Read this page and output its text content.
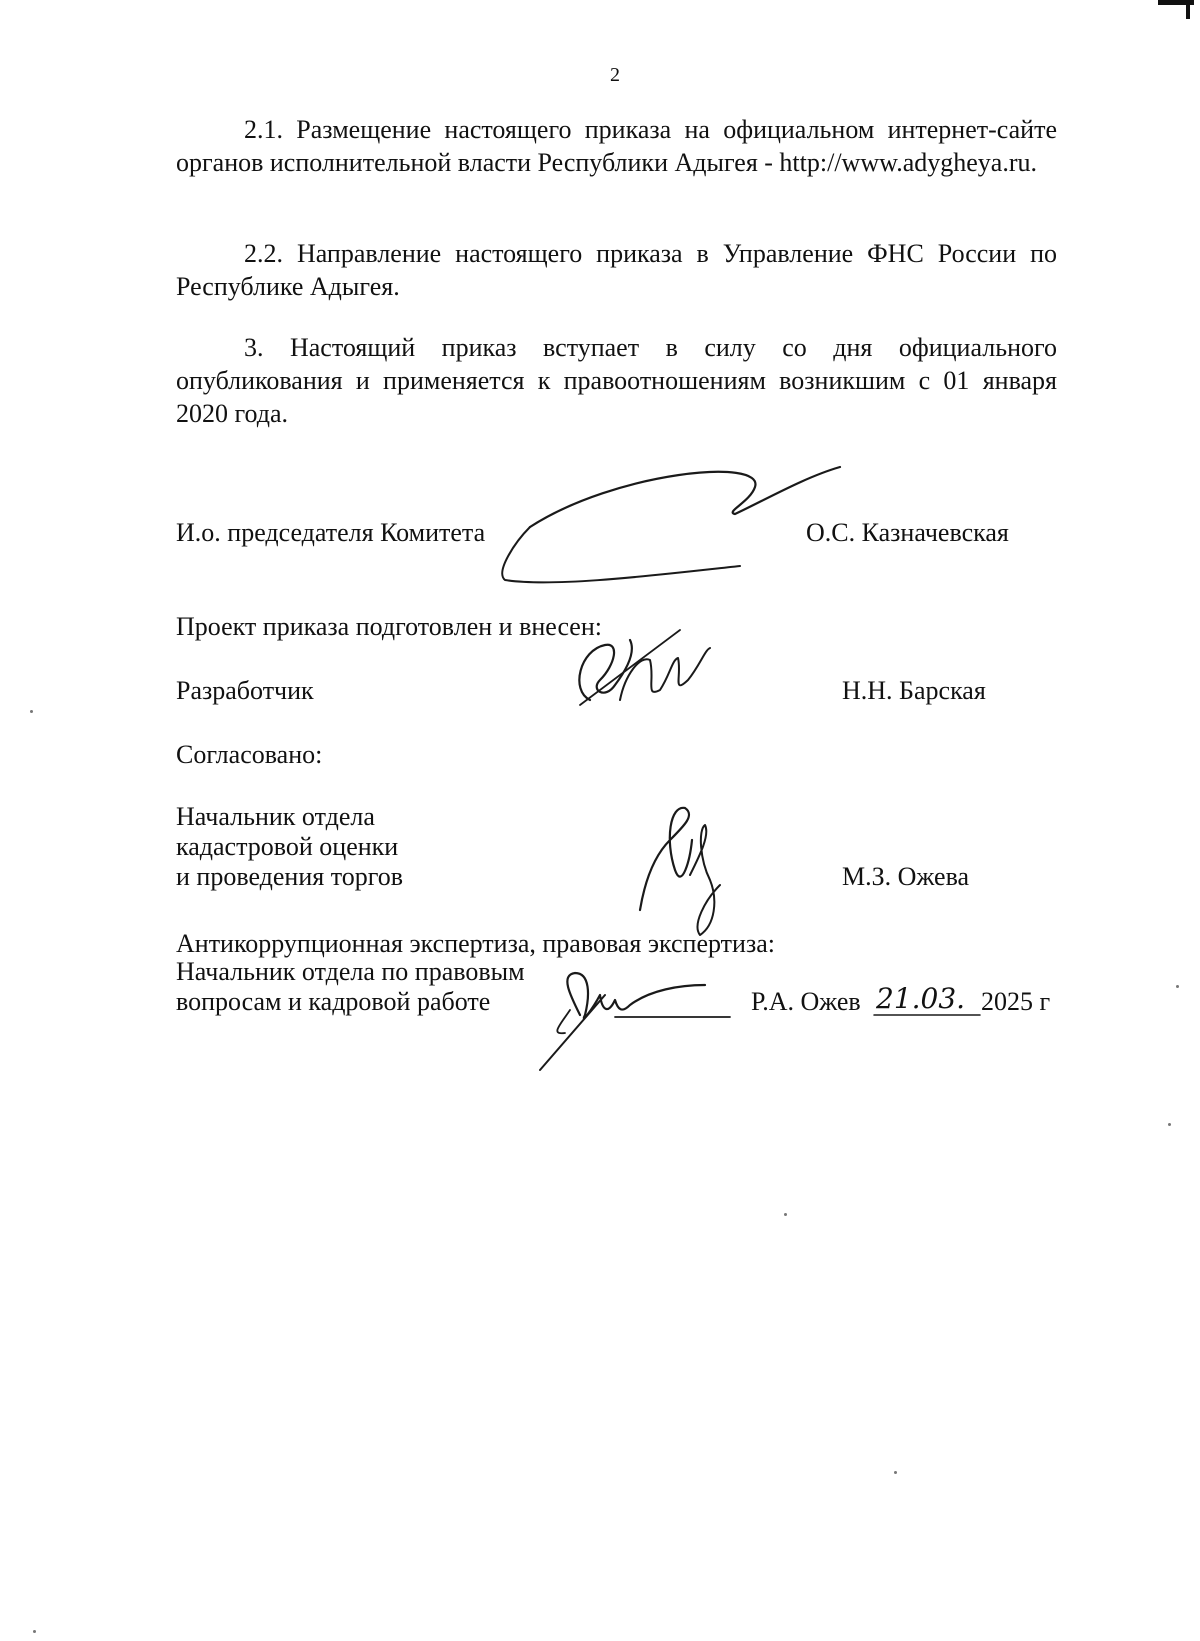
2
2.1. Размещение настоящего приказа на официальном интернет-сайте органов исполнительной власти Республики Адыгея - http://www.adygheya.ru.
2.2. Направление настоящего приказа в Управление ФНС России по Республике Адыгея.
3. Настоящий приказ вступает в силу со дня официального опубликования и применяется к правоотношениям возникшим с 01 января 2020 года.
И.о. председателя Комитета	О.С. Казначевская
Проект приказа подготовлен и внесен:
Разработчик	Н.Н. Барская
Согласовано:
Начальник отдела
кадастровой оценки
и проведения торгов	М.З. Ожева
Антикоррупционная экспертиза, правовая экспертиза:
Начальник отдела по правовым
вопросам и кадровой работе	Р.А. Ожев 21.03. 2025 г
